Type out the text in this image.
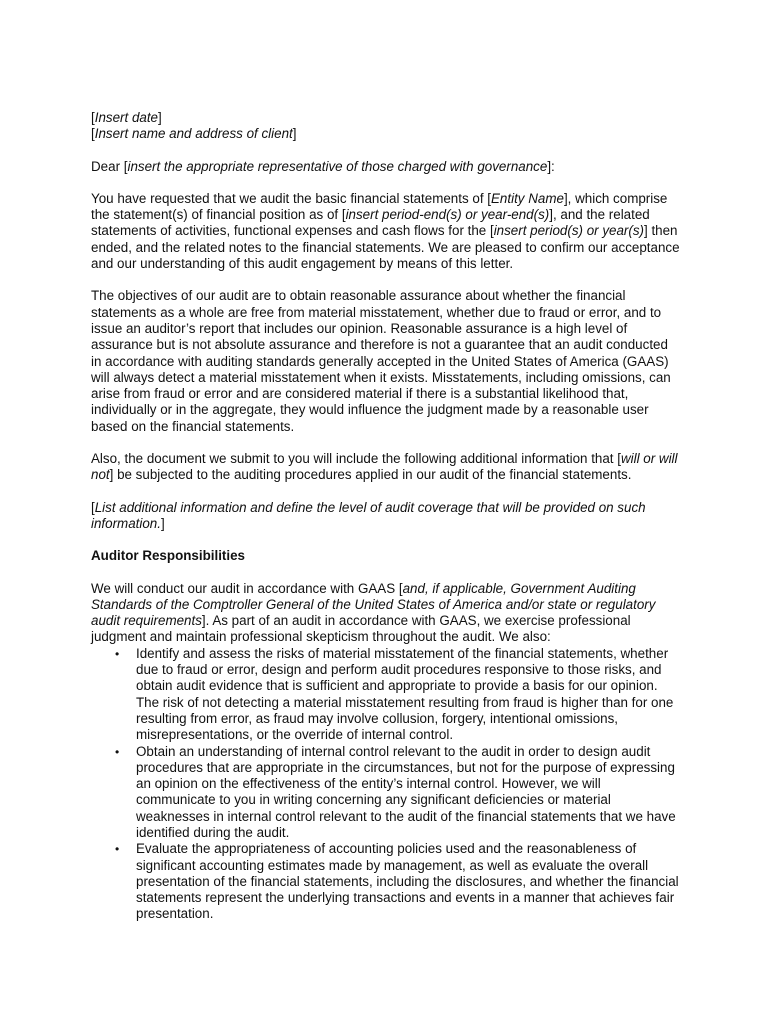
[Insert date]

[Insert name and address of client]

Dear [insert the appropriate representative of those charged with governance]:

You have requested that we audit the basic financial statements of [Entity Name], which comprise the statement(s) of financial position as of [insert period-end(s) or year-end(s)], and the related statements of activities, functional expenses and cash flows for the [insert period(s) or year(s)] then ended, and the related notes to the financial statements. We are pleased to confirm our acceptance and our understanding of this audit engagement by means of this letter.

The objectives of our audit are to obtain reasonable assurance about whether the financial statements as a whole are free from material misstatement, whether due to fraud or error, and to issue an auditor’s report that includes our opinion. Reasonable assurance is a high level of assurance but is not absolute assurance and therefore is not a guarantee that an audit conducted in accordance with auditing standards generally accepted in the United States of America (GAAS) will always detect a material misstatement when it exists. Misstatements, including omissions, can arise from fraud or error and are considered material if there is a substantial likelihood that, individually or in the aggregate, they would influence the judgment made by a reasonable user based on the financial statements.

Also, the document we submit to you will include the following additional information that [will or will not] be subjected to the auditing procedures applied in our audit of the financial statements.

[List additional information and define the level of audit coverage that will be provided on such information.]

Auditor Responsibilities

We will conduct our audit in accordance with GAAS [and, if applicable, Government Auditing Standards of the Comptroller General of the United States of America and/or state or regulatory audit requirements]. As part of an audit in accordance with GAAS, we exercise professional judgment and maintain professional skepticism throughout the audit. We also:

• Identify and assess the risks of material misstatement of the financial statements, whether due to fraud or error, design and perform audit procedures responsive to those risks, and obtain audit evidence that is sufficient and appropriate to provide a basis for our opinion. The risk of not detecting a material misstatement resulting from fraud is higher than for one resulting from error, as fraud may involve collusion, forgery, intentional omissions, misrepresentations, or the override of internal control.
• Obtain an understanding of internal control relevant to the audit in order to design audit procedures that are appropriate in the circumstances, but not for the purpose of expressing an opinion on the effectiveness of the entity’s internal control. However, we will communicate to you in writing concerning any significant deficiencies or material weaknesses in internal control relevant to the audit of the financial statements that we have identified during the audit.
• Evaluate the appropriateness of accounting policies used and the reasonableness of significant accounting estimates made by management, as well as evaluate the overall presentation of the financial statements, including the disclosures, and whether the financial statements represent the underlying transactions and events in a manner that achieves fair presentation.
